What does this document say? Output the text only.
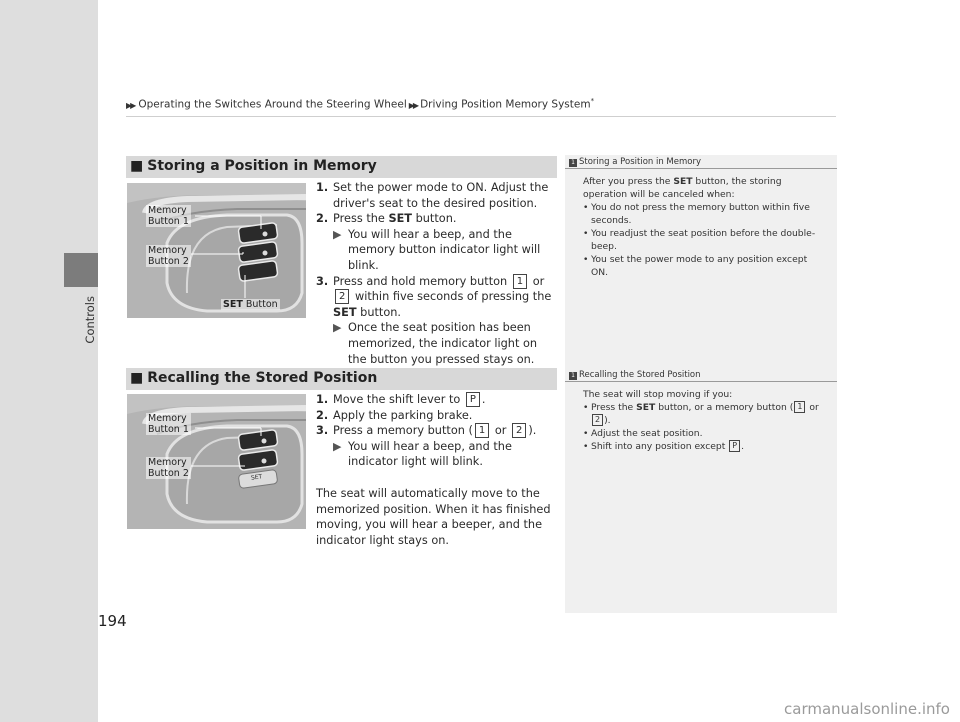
Controls
194
▶▶ Operating the Switches Around the Steering Wheel ▶▶ Driving Position Memory System*
■ Storing a Position in Memory
Memory
Button 1
Memory
Button 2
SET Button
1. Set the power mode to ON. Adjust the driver's seat to the desired position.
2. Press the SET button.
▶ You will hear a beep, and the memory button indicator light will blink.
3. Press and hold memory button 1 or 2 within five seconds of pressing the SET button.
▶ Once the seat position has been memorized, the indicator light on the button you pressed stays on.
1 Storing a Position in Memory
After you press the SET button, the storing operation will be canceled when:
• You do not press the memory button within five seconds.
• You readjust the seat position before the double-beep.
• You set the power mode to any position except ON.
■ Recalling the Stored Position
Memory
Button 1
Memory
Button 2	SET
1. Move the shift lever to P .
2. Apply the parking brake.
3. Press a memory button ( 1 or 2 ).
▶ You will hear a beep, and the indicator light will blink.
The seat will automatically move to the memorized position. When it has finished moving, you will hear a beeper, and the indicator light stays on.
1 Recalling the Stored Position
The seat will stop moving if you:
• Press the SET button, or a memory button ( 1 or 2 ).
• Adjust the seat position.
• Shift into any position except P .
carmanualsonline.info
